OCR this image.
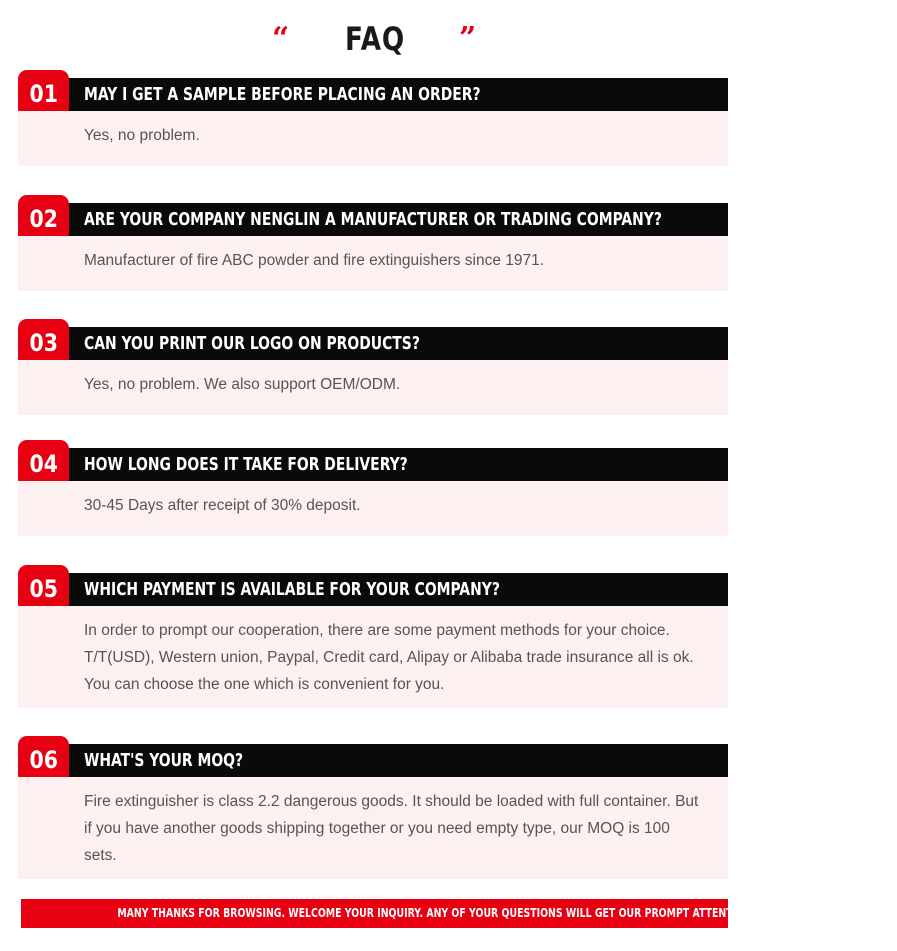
“	FAQ	”
MAY I GET A SAMPLE BEFORE PLACING AN ORDER?
01
Yes, no problem.
ARE YOUR COMPANY NENGLIN A MANUFACTURER OR TRADING COMPANY?
02
Manufacturer of fire ABC powder and fire extinguishers since 1971.
CAN YOU PRINT OUR LOGO ON PRODUCTS?
03
Yes, no problem. We also support OEM/ODM.
HOW LONG DOES IT TAKE FOR DELIVERY?
04
30-45 Days after receipt of 30% deposit.
WHICH PAYMENT IS AVAILABLE FOR YOUR COMPANY?
05
In order to prompt our cooperation, there are some payment methods for your choice. T/T(USD), Western union, Paypal, Credit card, Alipay or Alibaba trade insurance all is ok. You can choose the one which is convenient for you.
WHAT'S YOUR MOQ?
06
Fire extinguisher is class 2.2 dangerous goods. It should be loaded with full container. But if you have another goods shipping together or you need empty type, our MOQ is 100 sets.
MANY THANKS FOR BROWSING. WELCOME YOUR INQUIRY. ANY OF YOUR QUESTIONS WILL GET OUR PROMPT ATTENTION & REPLY.
